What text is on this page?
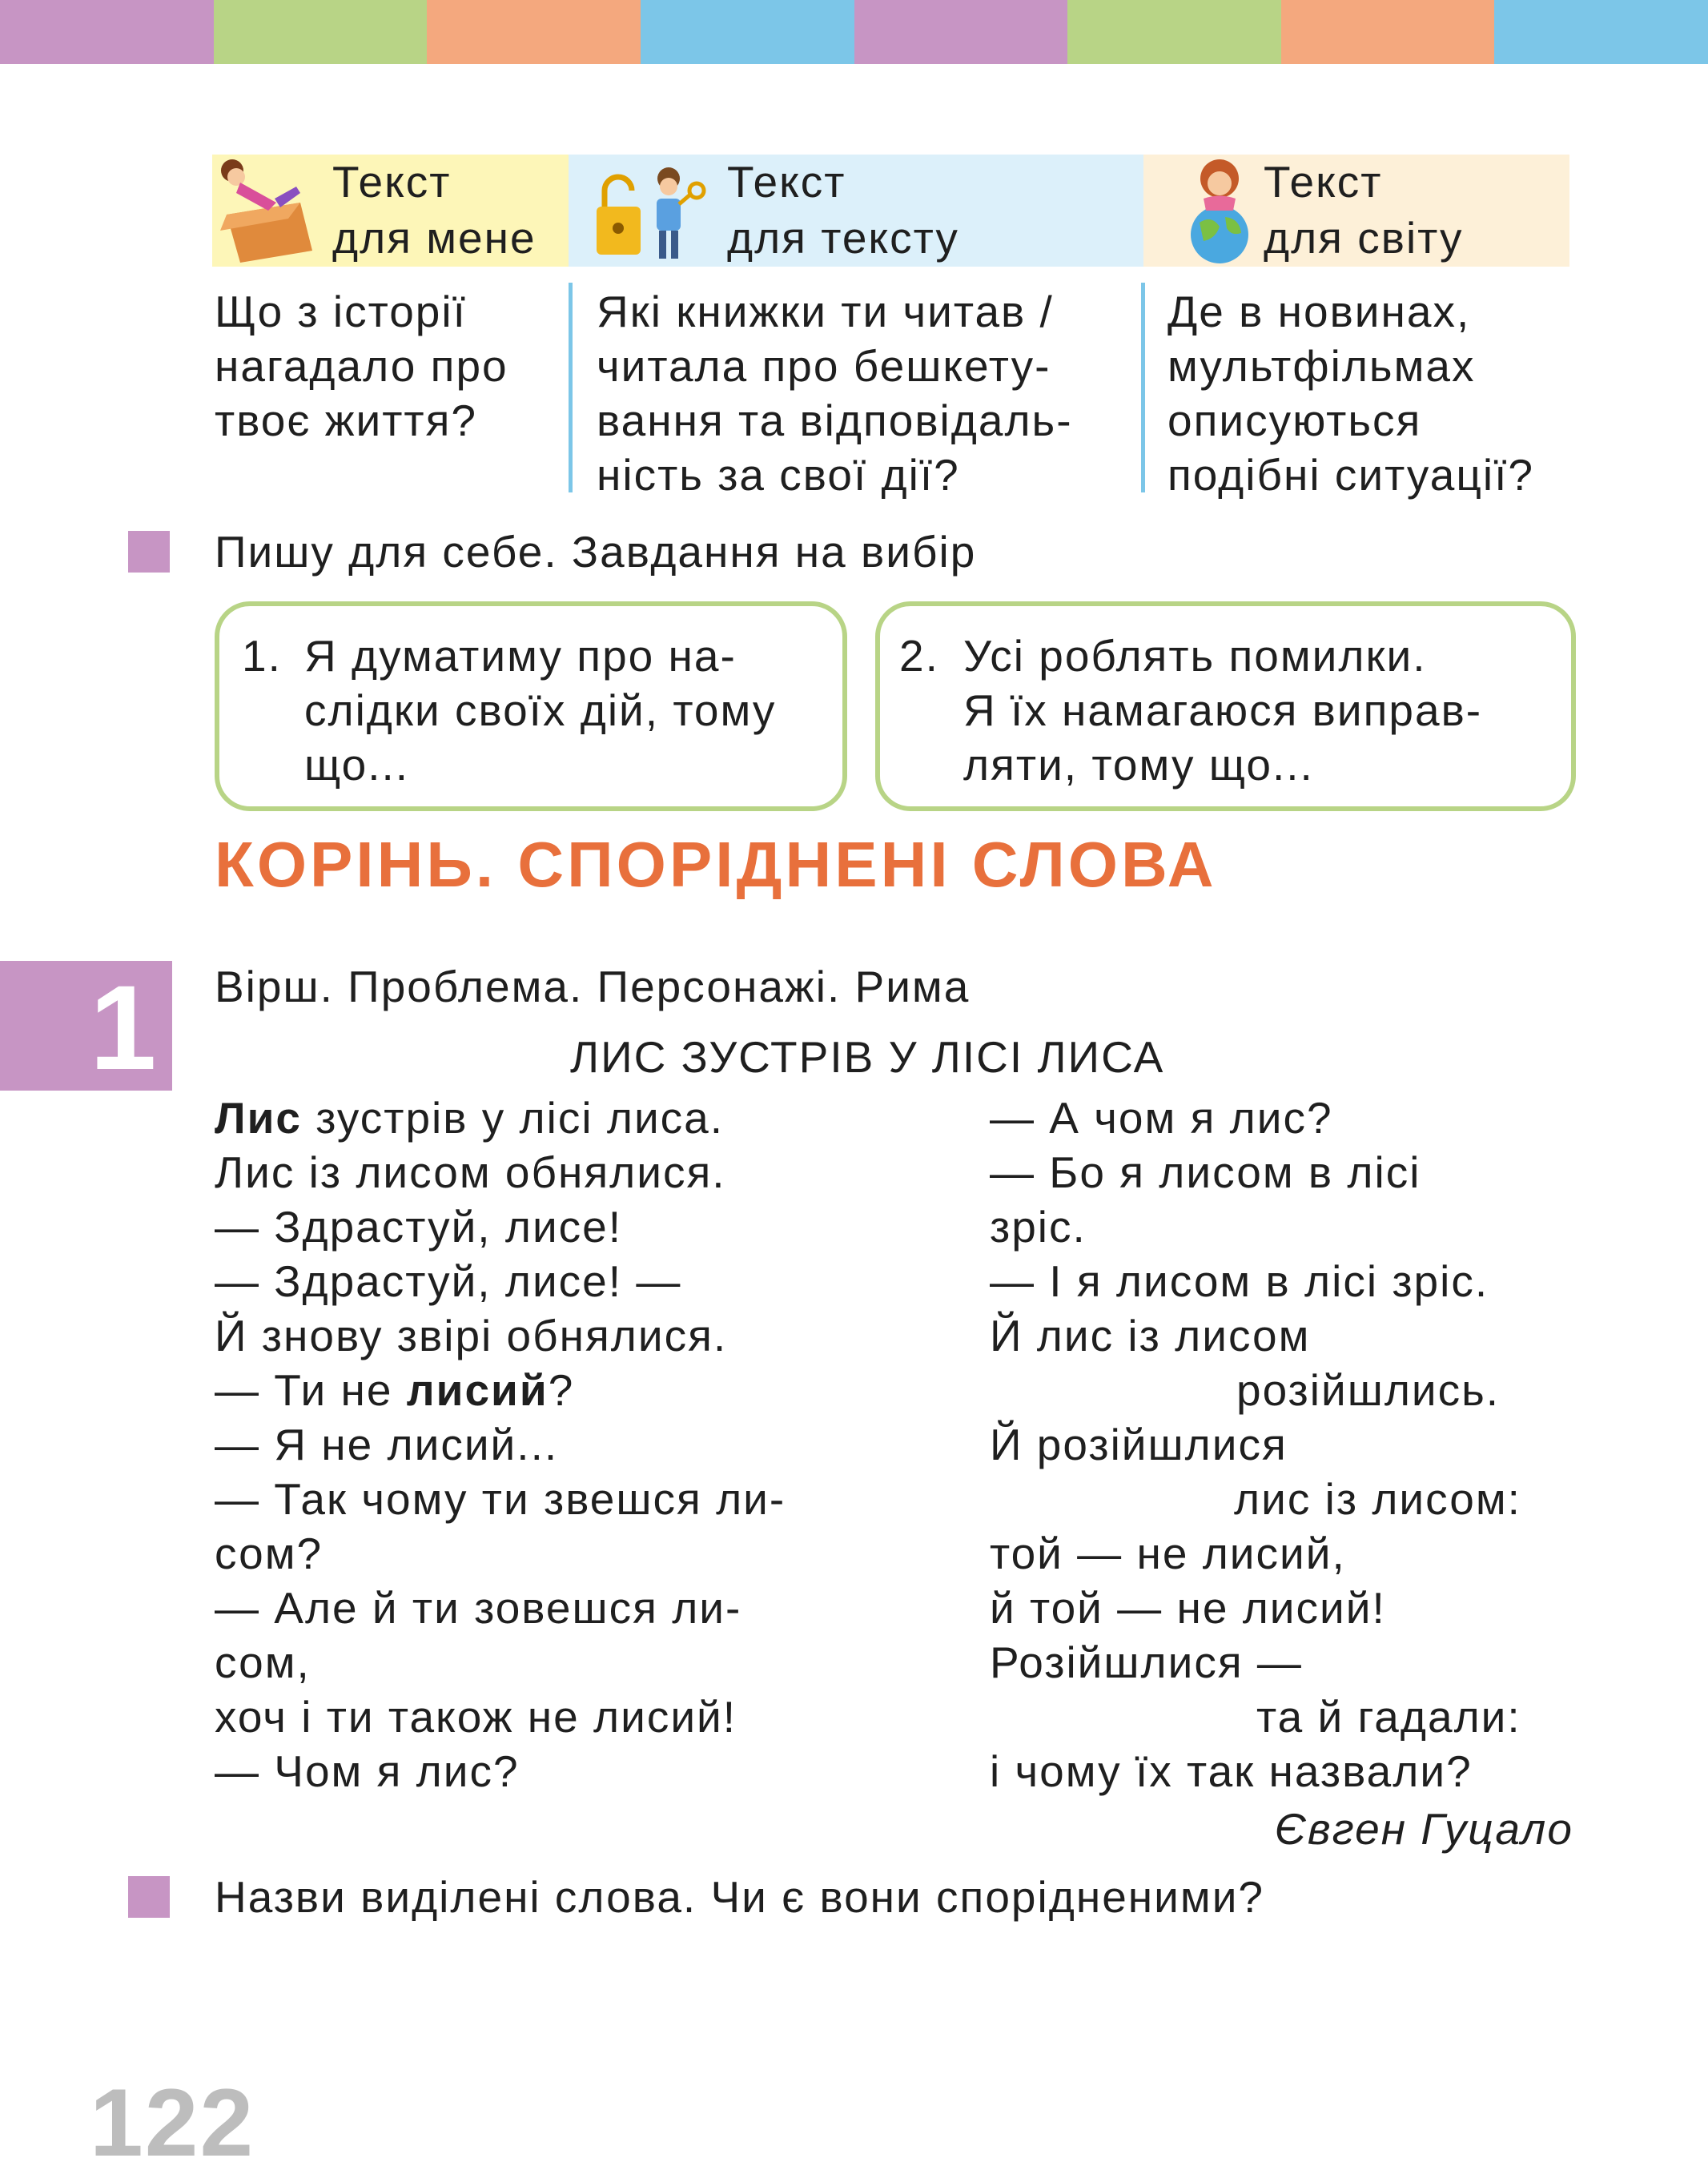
Текст
для мене
Текст
для тексту
Текст
для світу
Що з історії
нагадало про
твоє життя?
Які книжки ти читав /
читала про бешкету-
вання та відповідаль-
ність за свої дії?
Де в новинах,
мультфільмах
описуються
подібні ситуації?
Пишу для себе. Завдання на вибір
1. Я думатиму про на-
слідки своїх дій, тому
що...
2. Усі роблять помилки.
Я їх намагаюся виправ-
ляти, тому що...
КОРІНЬ. СПОРІДНЕНІ СЛОВА
1 Вірш. Проблема. Персонажі. Рима
ЛИС ЗУСТРІВ У ЛІСІ ЛИСА
Лис зустрів у лісі лиса.
Лис із лисом обнялися.
— Здрастуй, лисе!
— Здрастуй, лисе! —
Й знову звірі обнялися.
— Ти не лисий?
— Я не лисий...
— Так чому ти звешся ли-
сом?
— Але й ти зовешся ли-
сом,
хоч і ти також не лисий!
— Чом я лис?
— А чом я лис?
— Бо я лисом в лісі
зріс.
— І я лисом в лісі зріс.
Й лис із лисом
розійшлись.
Й розійшлися
лис із лисом:
той — не лисий,
й той — не лисий!
Розійшлися —
та й гадали:
і чому їх так назвали?
Євген Гуцало
Назви виділені слова. Чи є вони спорідненими?
122
